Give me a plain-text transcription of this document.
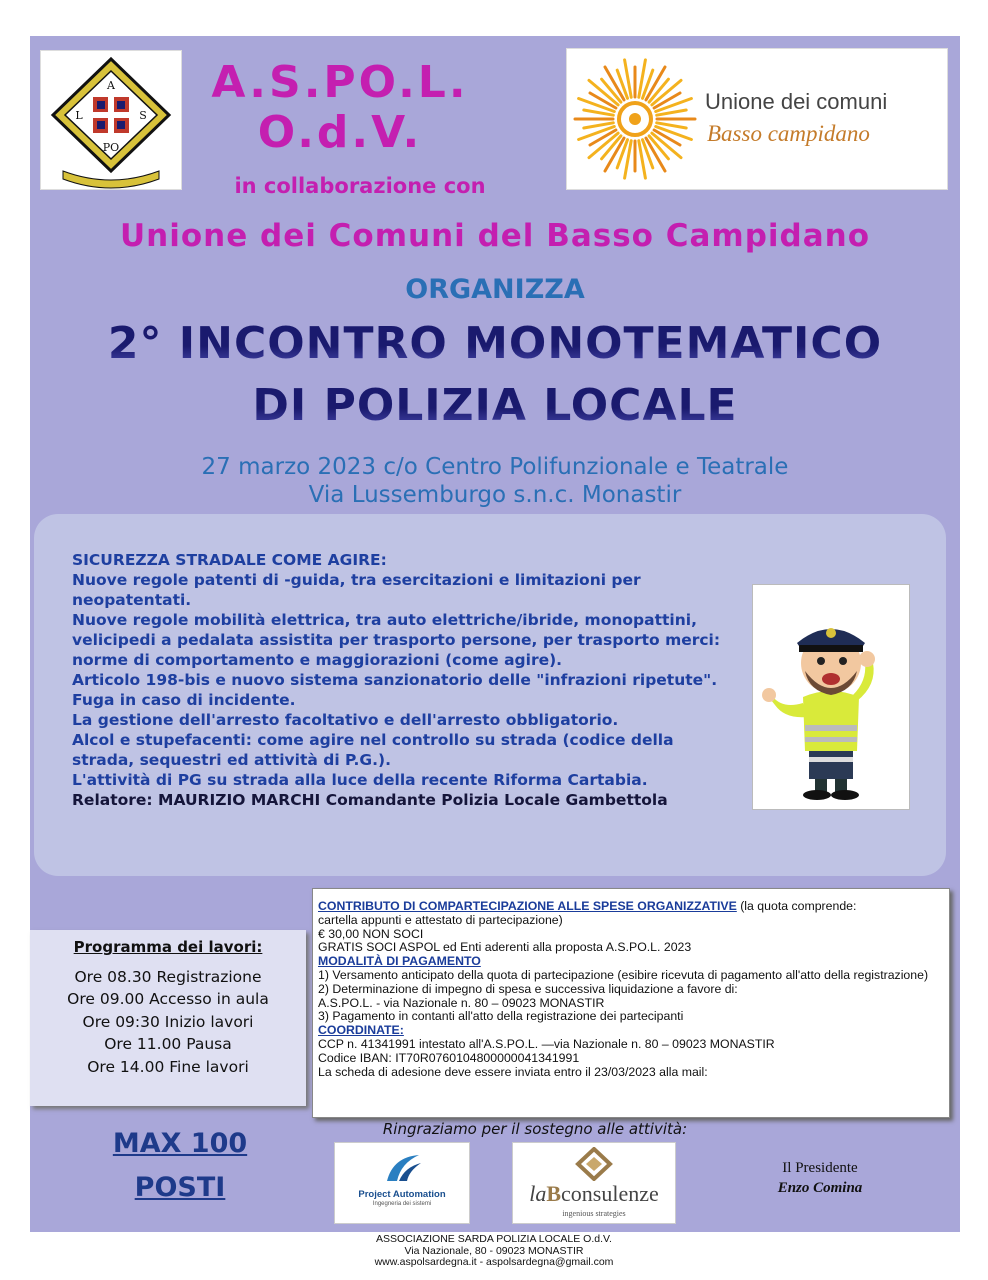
A
L	S
PO
A.S.PO.L.
O.d.V.
in collaborazione con
Unione dei comuni
Basso campidano
Unione dei Comuni del Basso Campidano
ORGANIZZA
2° INCONTRO MONOTEMATICO
DI POLIZIA LOCALE
27 marzo 2023 c/o Centro Polifunzionale e Teatrale
Via Lussemburgo s.n.c. Monastir
SICUREZZA STRADALE COME AGIRE:
Nuove regole patenti di -guida, tra esercitazioni e limitazioni per neopatentati.
Nuove regole mobilità elettrica, tra auto elettriche/ibride, monopattini, velicipedi a pedalata assistita per trasporto persone, per trasporto merci: norme di comportamento e maggiorazioni (come agire).
Articolo 198-bis e nuovo sistema sanzionatorio delle "infrazioni ripetute".
Fuga in caso di incidente.
La gestione dell'arresto facoltativo e dell'arresto obbligatorio.
Alcol e stupefacenti: come agire nel controllo su strada (codice della strada, sequestri ed attività di P.G.).
L'attività di PG su strada alla luce della recente Riforma Cartabia.
Relatore: MAURIZIO MARCHI Comandante Polizia Locale Gambettola
Programma dei lavori:
Ore 08.30 Registrazione
Ore 09.00 Accesso in aula
Ore 09:30 Inizio lavori
Ore 11.00 Pausa
Ore 14.00 Fine lavori
CONTRIBUTO DI COMPARTECIPAZIONE ALLE SPESE ORGANIZZATIVE (la quota comprende:
cartella appunti e attestato di partecipazione)
€ 30,00 NON SOCI
GRATIS SOCI ASPOL ed Enti aderenti alla proposta A.S.PO.L. 2023
MODALITÀ DI PAGAMENTO
1) Versamento anticipato della quota di partecipazione (esibire ricevuta di pagamento all'atto della registrazione)
2) Determinazione di impegno di spesa e successiva liquidazione a favore di:
A.S.PO.L. - via Nazionale n. 80 – 09023 MONASTIR
3) Pagamento in contanti all'atto della registrazione dei partecipanti
COORDINATE:
CCP n. 41341991 intestato all'A.S.PO.L. —via Nazionale n. 80 – 09023 MONASTIR
Codice IBAN: IT70R0760104800000041341991
La scheda di adesione deve essere inviata entro il 23/03/2023 alla mail:
MAX 100
POSTI
Ringraziamo per il sostegno alle attività:
Project Automation
Ingegneria dei sistemi	laBconsulenze
ingenious strategies
Il Presidente
Enzo Comina
ASSOCIAZIONE SARDA POLIZIA LOCALE O.d.V.
Via Nazionale, 80 - 09023 MONASTIR
www.aspolsardegna.it - aspolsardegna@gmail.com
